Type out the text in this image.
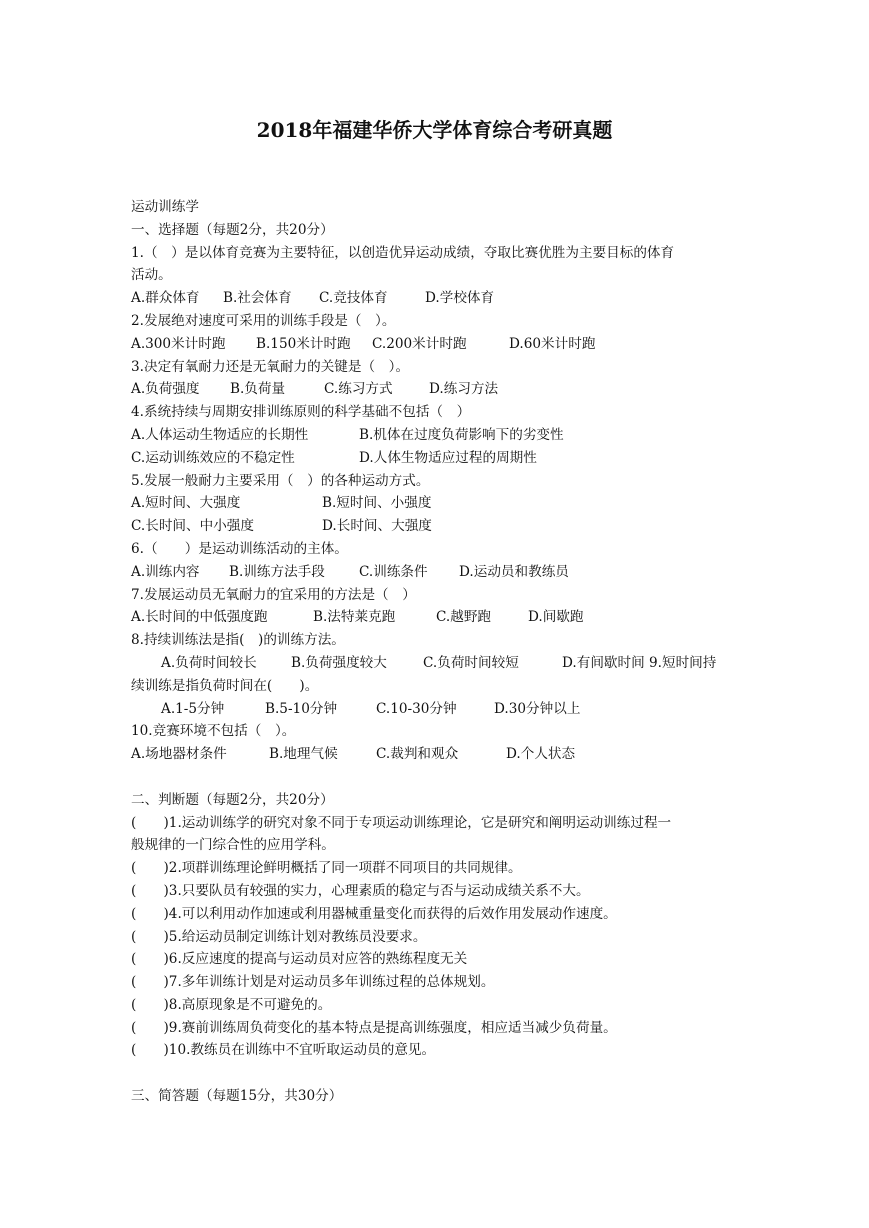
2018年福建华侨大学体育综合考研真题

运动训练学

一、选择题（每题2分，共20分）

1.（　）是以体育竞赛为主要特征，以创造优异运动成绩，夺取比赛优胜为主要目标的体育

活动。

A.群众体育 B.社会体育 C.竞技体育	D.学校体育

2.发展绝对速度可采用的训练手段是（　）。

A.300米计时跑 B.150米计时跑 C.200米计时跑	D.60米计时跑

3.决定有氧耐力还是无氧耐力的关键是（　）。

A.负荷强度 B.负荷量	C.练习方式	D.练习方法

4.系统持续与周期安排训练原则的科学基础不包括（　）

A.人体运动生物适应的长期性	B.机体在过度负荷影响下的劣变性

C.运动训练效应的不稳定性	D.人体生物适应过程的周期性

5.发展一般耐力主要采用（　）的各种运动方式。

A.短时间、大强度	B.短时间、小强度

C.长时间、中小强度	D.长时间、大强度

6.（　　）是运动训练活动的主体。

A.训练内容 B.训练方法手段	C.训练条件 D.运动员和教练员

7.发展运动员无氧耐力的宜采用的方法是（　）

A.长时间的中低强度跑	B.法特莱克跑	C.越野跑	D.间歇跑

8.持续训练法是指(　)的训练方法。

A.负荷时间较长	B.负荷强度较大	C.负荷时间较短	D.有间歇时间 9.短时间持

续训练是指负荷时间在(　　)。

A.1-5分钟	B.5-10分钟	C.10-30分钟	D.30分钟以上

10.竞赛环境不包括（　）。

A.场地器材条件	B.地理气候	C.裁判和观众	D.个人状态

二、判断题（每题2分，共20分）

(　　)1.运动训练学的研究对象不同于专项运动训练理论，它是研究和阐明运动训练过程一

般规律的一门综合性的应用学科。

(　　)2.项群训练理论鲜明概括了同一项群不同项目的共同规律。

(　　)3.只要队员有较强的实力，心理素质的稳定与否与运动成绩关系不大。

(　　)4.可以利用动作加速或利用器械重量变化而获得的后效作用发展动作速度。

(　　)5.给运动员制定训练计划对教练员没要求。

(　　)6.反应速度的提高与运动员对应答的熟练程度无关

(　　)7.多年训练计划是对运动员多年训练过程的总体规划。

(　　)8.高原现象是不可避免的。

(　　)9.赛前训练周负荷变化的基本特点是提高训练强度，相应适当减少负荷量。

(　　)10.教练员在训练中不宜听取运动员的意见。

三、简答题（每题15分，共30分）
